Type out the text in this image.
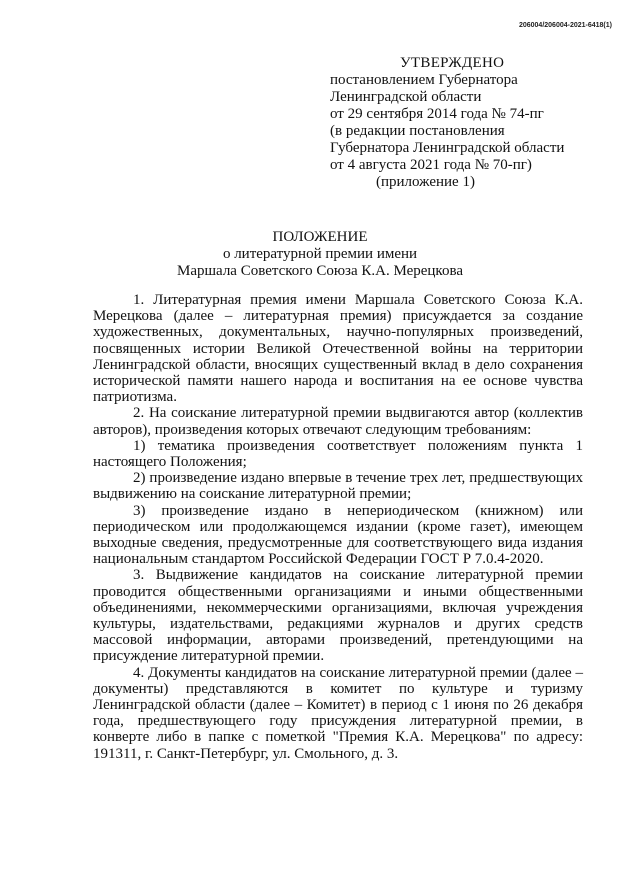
206004/206004-2021-6418(1)
УТВЕРЖДЕНО
постановлением Губернатора
Ленинградской области
от 29 сентября 2014 года № 74-пг
(в редакции постановления
Губернатора Ленинградской области
от 4 августа 2021 года № 70-пг)
(приложение 1)
ПОЛОЖЕНИЕ
о литературной премии имени
Маршала Советского Союза К.А. Мерецкова

1. Литературная премия имени Маршала Советского Союза К.А. Мерецкова (далее – литературная премия) присуждается за создание художественных, документальных, научно-популярных произведений, посвященных истории Великой Отечественной войны на территории Ленинградской области, вносящих существенный вклад в дело сохранения исторической памяти нашего народа и воспитания на ее основе чувства патриотизма.

2. На соискание литературной премии выдвигаются автор (коллектив авторов), произведения которых отвечают следующим требованиям:

1) тематика произведения соответствует положениям пункта 1 настоящего Положения;

2) произведение издано впервые в течение трех лет, предшествующих выдвижению на соискание литературной премии;

3) произведение издано в непериодическом (книжном) или периодическом или продолжающемся издании (кроме газет), имеющем выходные сведения, предусмотренные для соответствующего вида издания национальным стандартом Российской Федерации ГОСТ Р 7.0.4-2020.

3. Выдвижение кандидатов на соискание литературной премии проводится общественными организациями и иными общественными объединениями, некоммерческими организациями, включая учреждения культуры, издательствами, редакциями журналов и других средств массовой информации, авторами произведений, претендующими на присуждение литературной премии.

4. Документы кандидатов на соискание литературной премии (далее – документы) представляются в комитет по культуре и туризму Ленинградской области (далее – Комитет) в период с 1 июня по 26 декабря года, предшествующего году присуждения литературной премии, в конверте либо в папке с пометкой "Премия К.А. Мерецкова" по адресу: 191311, г. Санкт-Петербург, ул. Смольного, д. 3.
